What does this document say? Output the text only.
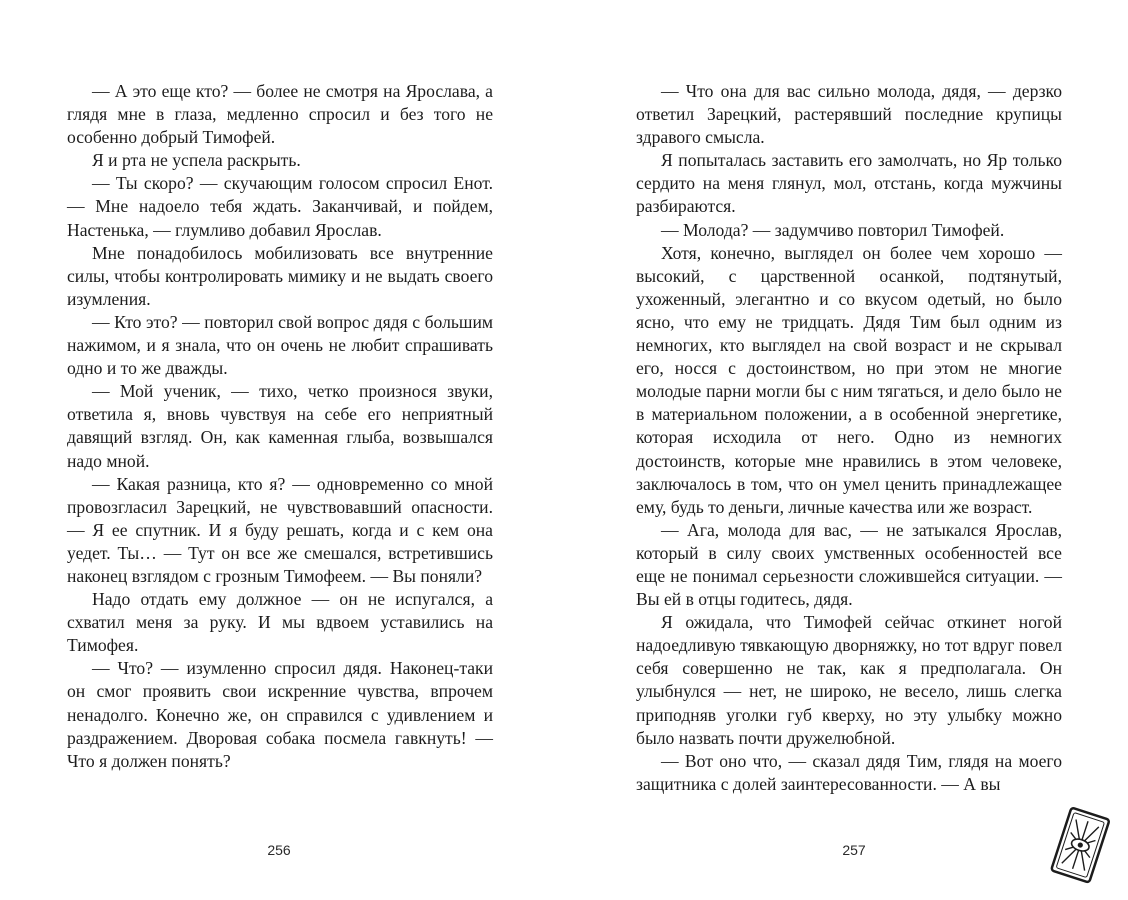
— А это еще кто? — более не смотря на Ярослава, а глядя мне в глаза, медленно спросил и без того не особенно добрый Тимофей.

Я и рта не успела раскрыть.

— Ты скоро? — скучающим голосом спросил Енот. — Мне надоело тебя ждать. Заканчивай, и пойдем, Настенька, — глумливо добавил Ярослав.

Мне понадобилось мобилизовать все внутренние силы, чтобы контролировать мимику и не выдать своего изумления.

— Кто это? — повторил свой вопрос дядя с большим нажимом, и я знала, что он очень не любит спрашивать одно и то же дважды.

— Мой ученик, — тихо, четко произнося звуки, ответила я, вновь чувствуя на себе его неприятный давящий взгляд. Он, как каменная глыба, возвышался надо мной.

— Какая разница, кто я? — одновременно со мной провозгласил Зарецкий, не чувствовавший опасности. — Я ее спутник. И я буду решать, когда и с кем она уедет. Ты… — Тут он все же смешался, встретившись наконец взглядом с грозным Тимофеем. — Вы поняли?

Надо отдать ему должное — он не испугался, а схватил меня за руку. И мы вдвоем уставились на Тимофея.

— Что? — изумленно спросил дядя. Наконец-таки он смог проявить свои искренние чувства, впрочем ненадолго. Конечно же, он справился с удивлением и раздражением. Дворовая собака посмела гавкнуть! — Что я должен понять?

256

— Что она для вас сильно молода, дядя, — дерзко ответил Зарецкий, растерявший последние крупицы здравого смысла.

Я попыталась заставить его замолчать, но Яр только сердито на меня глянул, мол, отстань, когда мужчины разбираются.

— Молода? — задумчиво повторил Тимофей.

Хотя, конечно, выглядел он более чем хорошо — высокий, с царственной осанкой, подтянутый, ухоженный, элегантно и со вкусом одетый, но было ясно, что ему не тридцать. Дядя Тим был одним из немногих, кто выглядел на свой возраст и не скрывал его, носся с достоинством, но при этом не многие молодые парни могли бы с ним тягаться, и дело было не в материальном положении, а в особенной энергетике, которая исходила от него. Одно из немногих достоинств, которые мне нравились в этом человеке, заключалось в том, что он умел ценить принадлежащее ему, будь то деньги, личные качества или же возраст.

— Ага, молода для вас, — не затыкался Ярослав, который в силу своих умственных особенностей все еще не понимал серьезности сложившейся ситуации. — Вы ей в отцы годитесь, дядя.

Я ожидала, что Тимофей сейчас откинет ногой надоедливую тявкающую дворняжку, но тот вдруг повел себя совершенно не так, как я предполагала. Он улыбнулся — нет, не широко, не весело, лишь слегка приподняв уголки губ кверху, но эту улыбку можно было назвать почти дружелюбной.

— Вот оно что, — сказал дядя Тим, глядя на моего защитника с долей заинтересованности. — А вы

257
